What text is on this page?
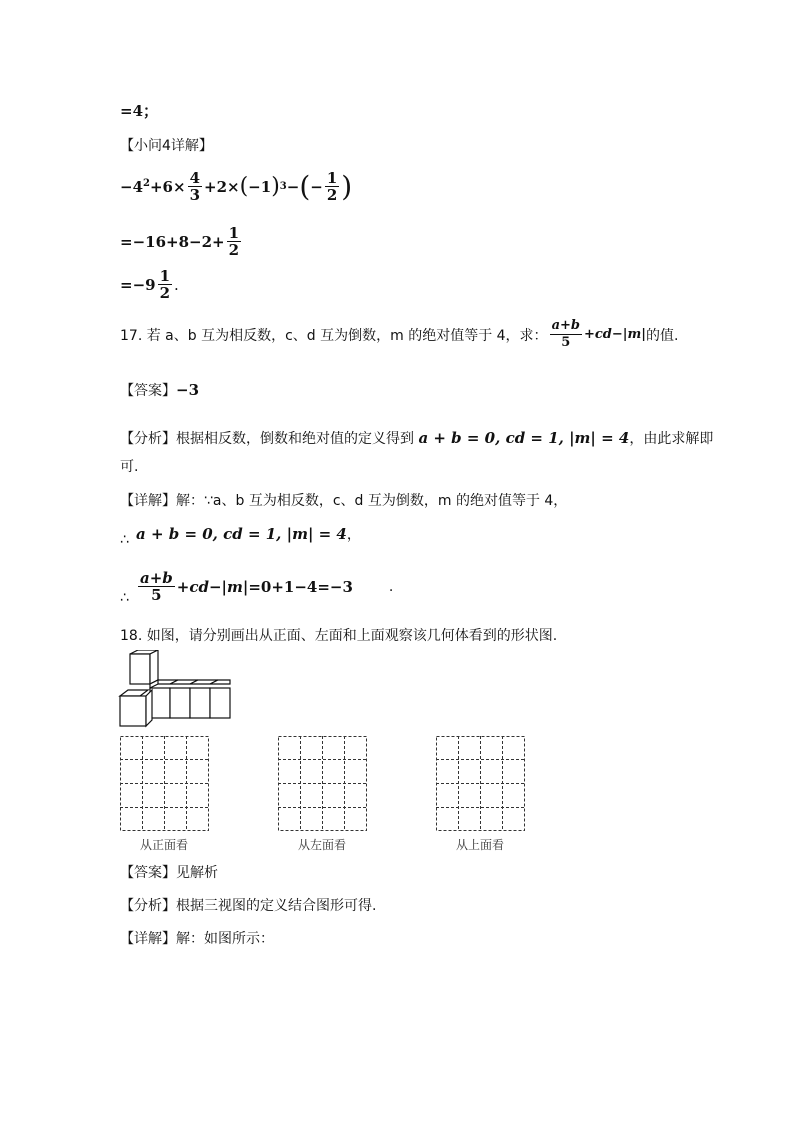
=4；
【小问4详解】
$-4^2+6\times \frac{4}{3} +2\times$ ( −1 ) 3 − ( − $\frac{1}{2}$ )
$=-16+8-2+ \frac{1}{2}$
$=-9 \frac{1}{2}$ .
17. 若 a、b 互为相反数，c、d 互为倒数，m 的绝对值等于 4，求： $\frac{a+b}{5} +cd-|m|$ 的值.
【答案】−3
【分析】根据相反数，倒数和绝对值的定义得到 a + b = 0, cd = 1, |m| = 4，由此求解即
可.
【详解】解：∵a、b 互为相反数，c、d 互为倒数，m 的绝对值等于 4，
∴ a + b = 0, cd = 1, |m| = 4，
∴ $\frac{a+b}{5} +cd-|m| =0+1-4=-3$	.
18. 如图，请分别画出从正面、左面和上面观察该几何体看到的形状图.
从正面看	从左面看	从上面看
【答案】见解析
【分析】根据三视图的定义结合图形可得.
【详解】解：如图所示：
